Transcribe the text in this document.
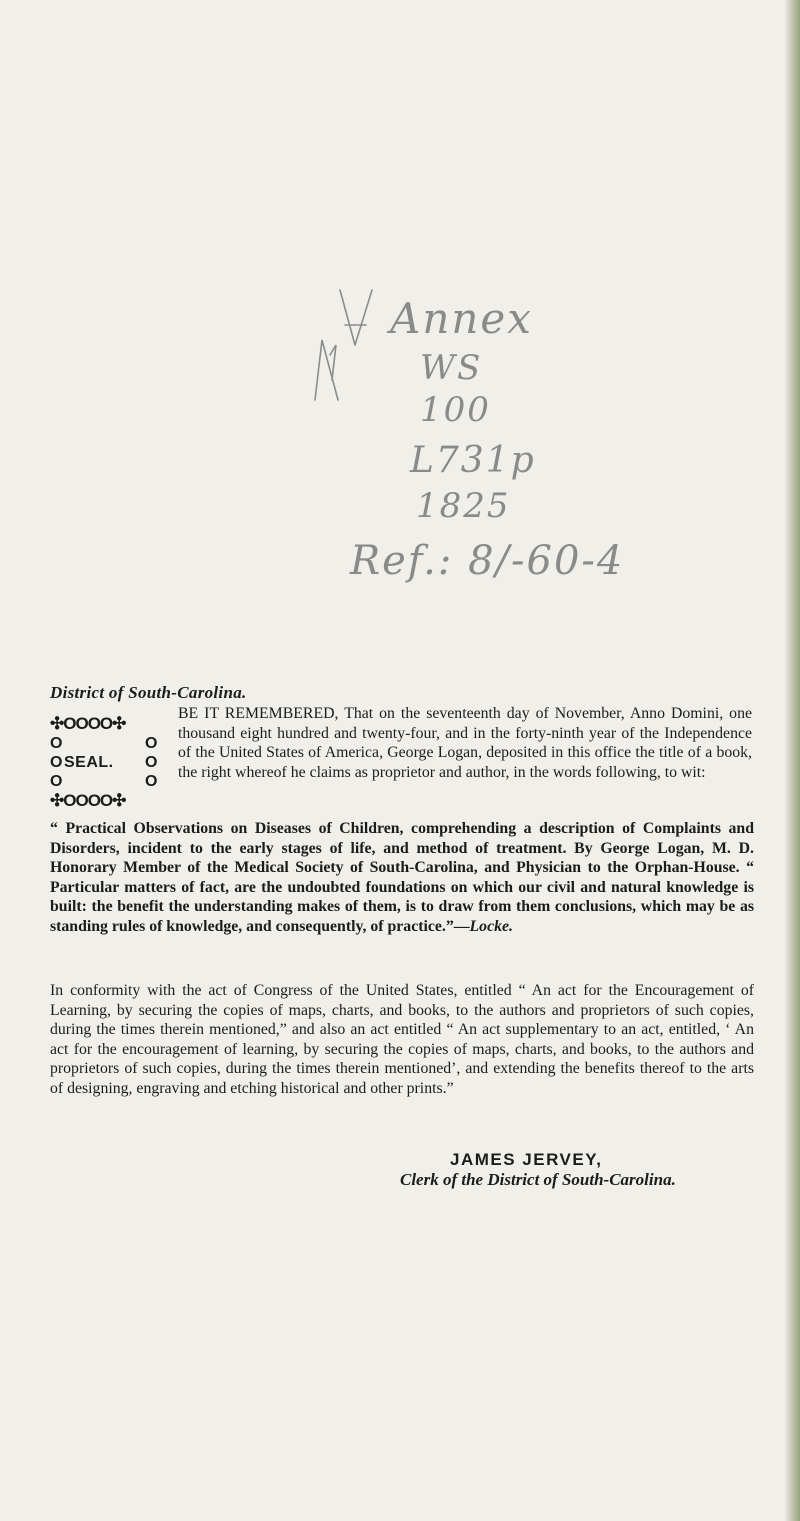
Annex
WS
100
L731p
1825
Ref.: 8/-60-4
District of South-Carolina.
✣OOOO✣
O	O
O SEAL. O
O	O
✣OOOO✣
BE IT REMEMBERED, That on the seventeenth day of November, Anno Domini, one thousand eight hundred and twenty-four, and in the forty-ninth year of the Independence of the United States of America, George Logan, deposited in this office the title of a book, the right whereof he claims as proprietor and author, in the words following, to wit:
“ Practical Observations on Diseases of Children, comprehending a description of Complaints and Disorders, incident to the early stages of life, and method of treatment. By George Logan, M. D. Honorary Member of the Medical Society of South-Carolina, and Physician to the Orphan-House. “ Particular matters of fact, are the undoubted foundations on which our civil and natural knowledge is built: the benefit the understanding makes of them, is to draw from them conclusions, which may be as standing rules of knowledge, and consequently, of practice.”—Locke.
In conformity with the act of Congress of the United States, entitled “ An act for the Encouragement of Learning, by securing the copies of maps, charts, and books, to the authors and proprietors of such copies, during the times therein mentioned,” and also an act entitled “ An act supplementary to an act, entitled, ‘ An act for the encouragement of learning, by securing the copies of maps, charts, and books, to the authors and proprietors of such copies, during the times therein mentioned’, and extending the benefits thereof to the arts of designing, engraving and etching historical and other prints.”
JAMES JERVEY,
Clerk of the District of South-Carolina.
